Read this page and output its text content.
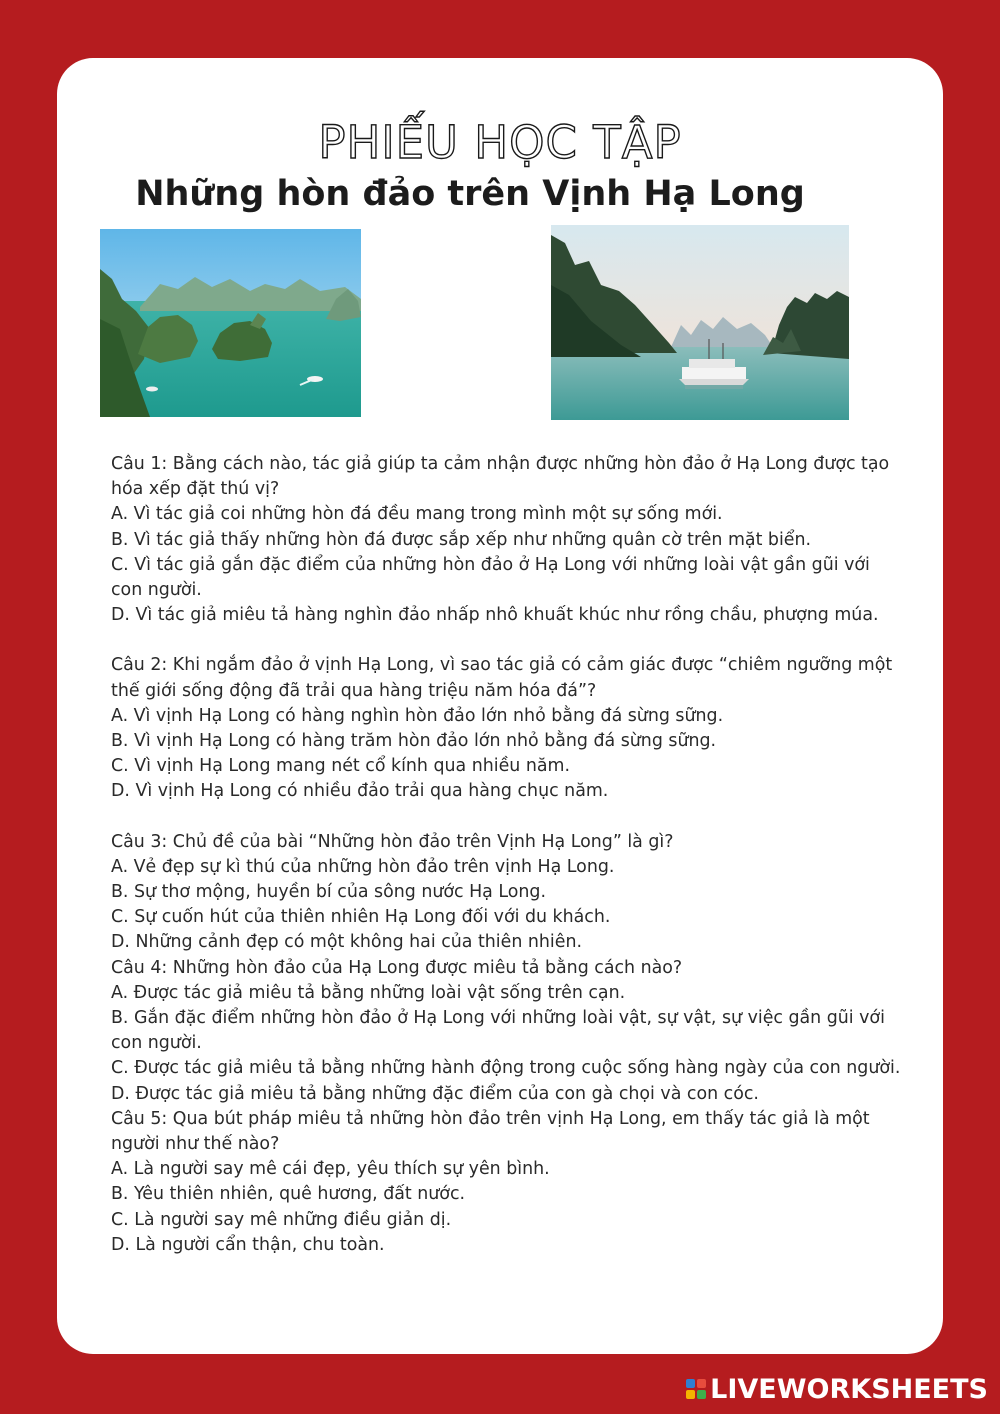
PHIẾU HỌC TẬP
Những hòn đảo trên Vịnh Hạ Long

Câu 1: Bằng cách nào, tác giả giúp ta cảm nhận được những hòn đảo ở Hạ Long được tạo hóa xếp đặt thú vị?

A. Vì tác giả coi những hòn đá đều mang trong mình một sự sống mới.

B. Vì tác giả thấy những hòn đá được sắp xếp như những quân cờ trên mặt biển.

C. Vì tác giả gắn đặc điểm của những hòn đảo ở Hạ Long với những loài vật gần gũi với con người.

D. Vì tác giả miêu tả hàng nghìn đảo nhấp nhô khuất khúc như rồng chầu, phượng múa.

Câu 2: Khi ngắm đảo ở vịnh Hạ Long, vì sao tác giả có cảm giác được “chiêm ngưỡng một thế giới sống động đã trải qua hàng triệu năm hóa đá”?

A. Vì vịnh Hạ Long có hàng nghìn hòn đảo lớn nhỏ bằng đá sừng sững.

B. Vì vịnh Hạ Long có hàng trăm hòn đảo lớn nhỏ bằng đá sừng sững.

C. Vì vịnh Hạ Long mang nét cổ kính qua nhiều năm.

D. Vì vịnh Hạ Long có nhiều đảo trải qua hàng chục năm.

Câu 3: Chủ đề của bài “Những hòn đảo trên Vịnh Hạ Long” là gì?

A. Vẻ đẹp sự kì thú của những hòn đảo trên vịnh Hạ Long.

B. Sự thơ mộng, huyền bí của sông nước Hạ Long.

C. Sự cuốn hút của thiên nhiên Hạ Long đối với du khách.

D. Những cảnh đẹp có một không hai của thiên nhiên.

Câu 4: Những hòn đảo của Hạ Long được miêu tả bằng cách nào?

A. Được tác giả miêu tả bằng những loài vật sống trên cạn.

B. Gắn đặc điểm những hòn đảo ở Hạ Long với những loài vật, sự vật, sự việc gần gũi với con người.

C. Được tác giả miêu tả bằng những hành động trong cuộc sống hàng ngày của con người.

D. Được tác giả miêu tả bằng những đặc điểm của con gà chọi và con cóc.

Câu 5: Qua bút pháp miêu tả những hòn đảo trên vịnh Hạ Long, em thấy tác giả là một người như thế nào?

A. Là người say mê cái đẹp, yêu thích sự yên bình.

B. Yêu thiên nhiên, quê hương, đất nước.

C. Là người say mê những điều giản dị.

D. Là người cẩn thận, chu toàn.

LIVEWORKSHEETS
